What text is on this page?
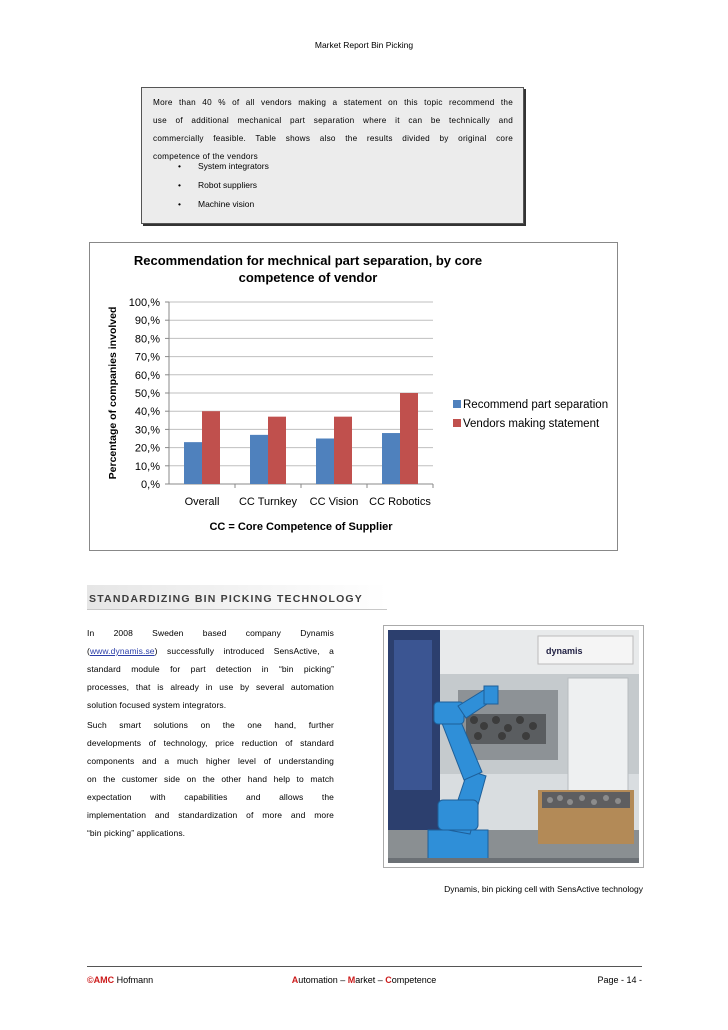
Market Report Bin Picking
More than 40 % of all vendors making a statement on this topic recommend the
use of additional mechanical part separation where it can be technically and
commercially feasible. Table shows also the results divided by original core
competence of the vendors
• System integrators
• Robot suppliers
• Machine vision
Recommendation for mechnical part separation, by core
competence of vendor
0,%
10,%
20,%
30,%
40,%
50,%
60,%
70,%
80,%
90,%
100,%
Overall CC Turnkey CC Vision CC Robotics
CC = Core Competence of Supplier
Percentage of companies involved	Recommend part separation
Vendors making statement
STANDARDIZING BIN PICKING TECHNOLOGY
In 2008 Sweden based company Dynamis
(www.dynamis.se) successfully introduced SensActive, a
standard module for part detection in “bin picking”
processes, that is already in use by several automation
solution focused system integrators.
Such smart solutions on the one hand, further
developments of technology, price reduction of standard
components and a much higher level of understanding
on the customer side on the other hand help to match
expectation with capabilities and allows the
implementation and standardization of more and more
“bin picking” applications.
dynamis
Dynamis, bin picking cell with SensActive technology
©AMC Hofmann	Automation – Market – Competence	Page - 14 -
